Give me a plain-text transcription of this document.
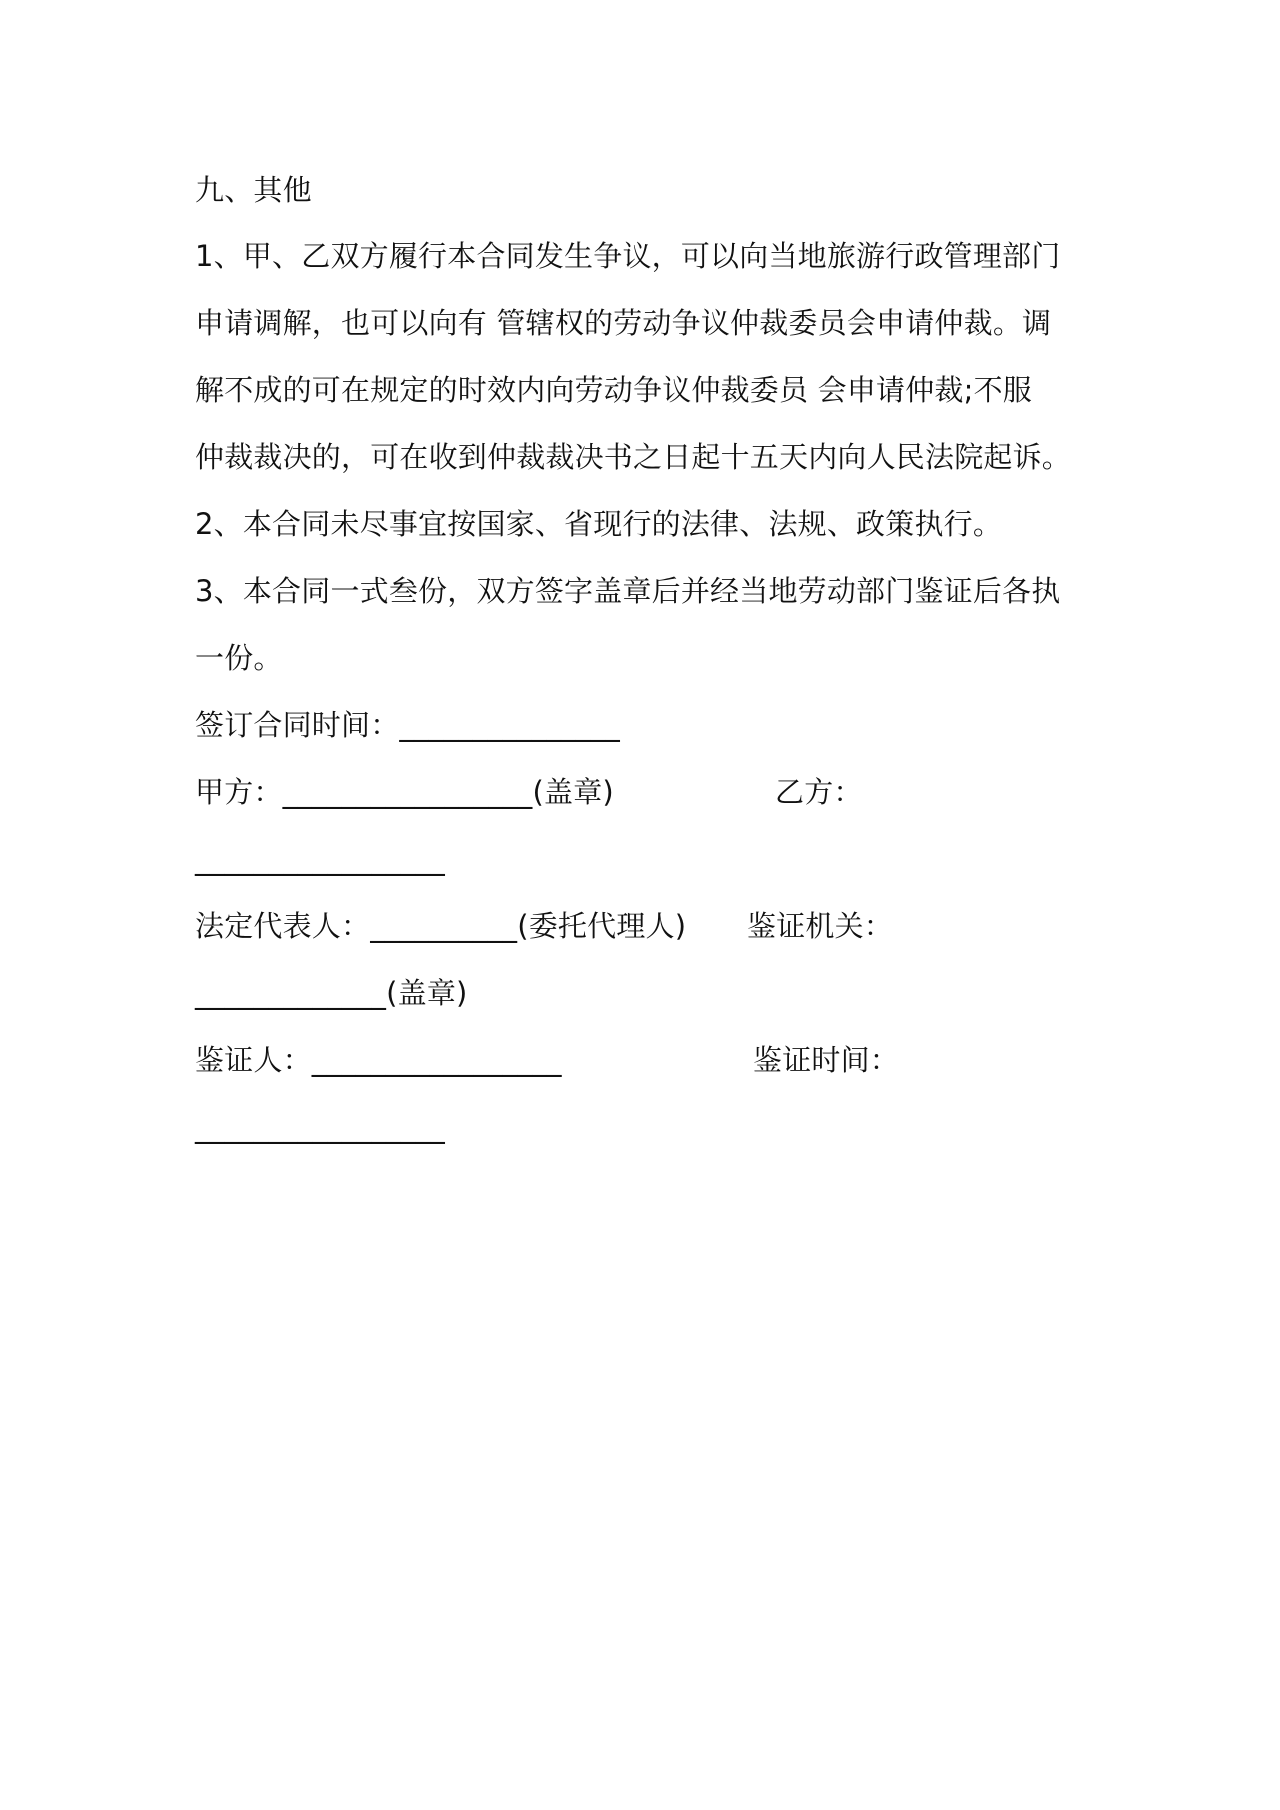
九、其他
1、甲、乙双方履行本合同发生争议，可以向当地旅游行政管理部门
申请调解，也可以向有 管辖权的劳动争议仲裁委员会申请仲裁。调
解不成的可在规定的时效内向劳动争议仲裁委员 会申请仲裁;不服
仲裁裁决的，可在收到仲裁裁决书之日起十五天内向人民法院起诉。
2、本合同未尽事宜按国家、省现行的法律、法规、政策执行。
3、本合同一式叁份，双方签字盖章后并经当地劳动部门鉴证后各执
一份。
签订合同时间：_______________
甲方：_________________(盖章)	乙方：
_________________
法定代表人：__________(委托代理人) 鉴证机关：
_____________(盖章)
鉴证人：_________________	鉴证时间：
_________________
